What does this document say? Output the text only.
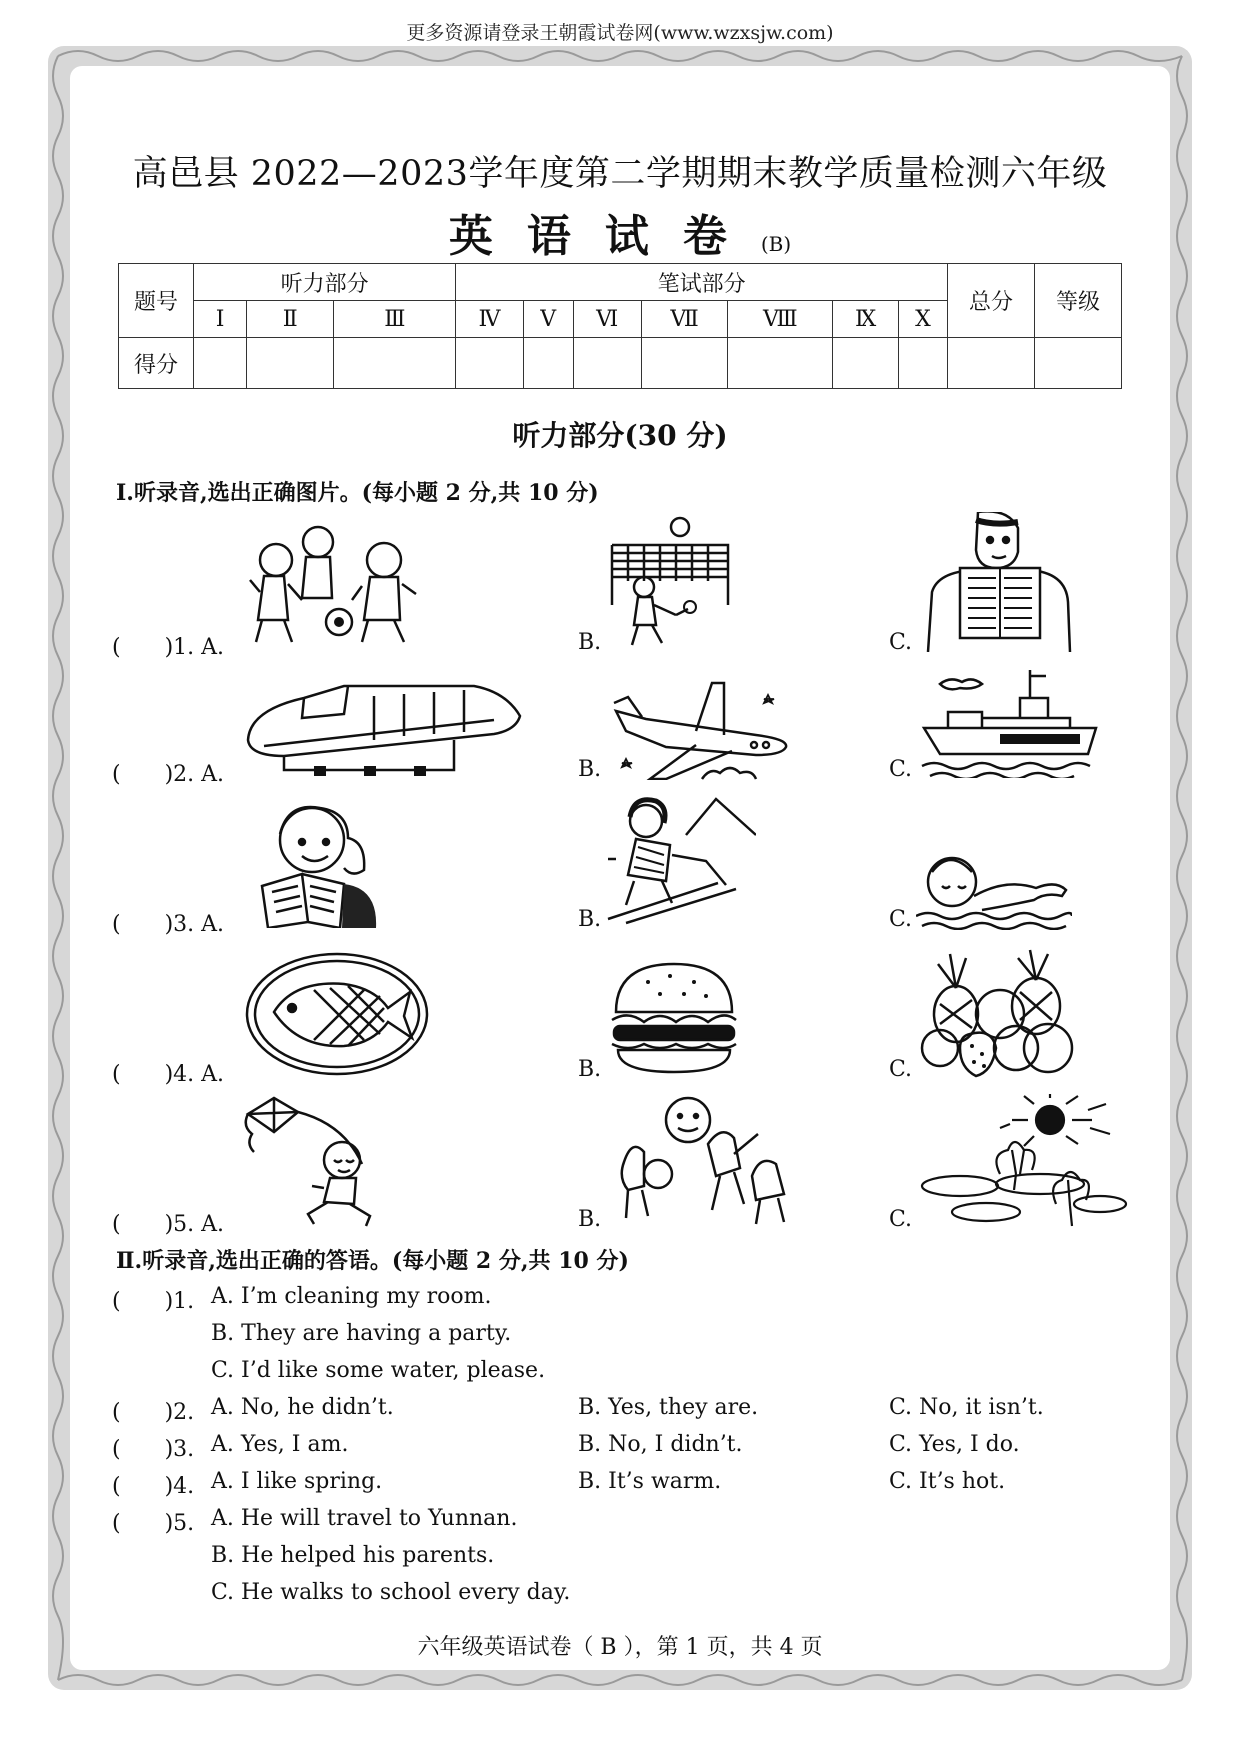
更多资源请登录王朝霞试卷网(www.wzxsjw.com)
高邑县 2022—2023学年度第二学期期末教学质量检测六年级
英语试卷(B)
题号	听力部分			笔试部分							总分	等级
	Ⅰ	Ⅱ	Ⅲ	Ⅳ	Ⅴ	Ⅵ	Ⅶ	Ⅷ	Ⅸ	Ⅹ		
得分												
听力部分(30 分)
Ⅰ.听录音,选出正确图片。(每小题 2 分,共 10 分)
(　　)1. A.	B.	C.
(　　)2. A.	B.	C.
(　　)3. A.	B.	C.
(　　)4. A.	B.	C.
(　　)5. A.	B.	C.
Ⅱ.听录音,选出正确的答语。(每小题 2 分,共 10 分)
(　　)1. A. I’m cleaning my room.
B. They are having a party.
C. I’d like some water, please.
(　　)2. A. No, he didn’t.	B. Yes, they are.	C. No, it isn’t.
(　　)3. A. Yes, I am.	B. No, I didn’t.	C. Yes, I do.
(　　)4. A. I like spring.	B. It’s warm.	C. It’s hot.
(　　)5. A. He will travel to Yunnan.
B. He helped his parents.
C. He walks to school every day.
六年级英语试卷（ B ），第 1 页，共 4 页
